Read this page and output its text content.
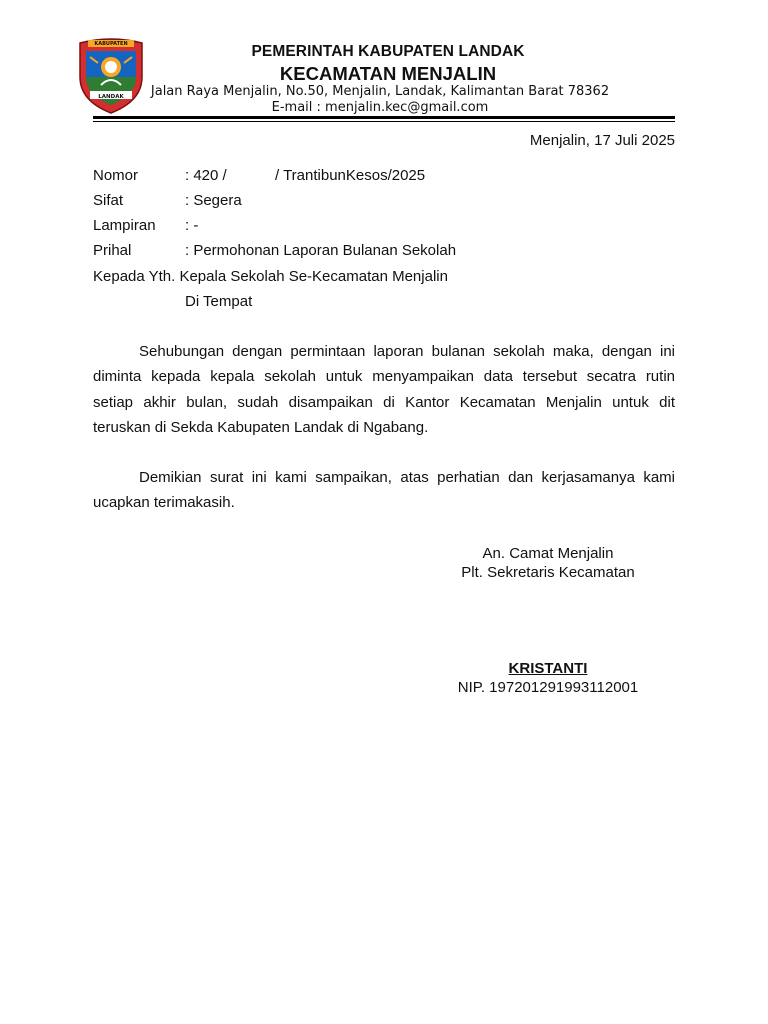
KABUPATEN
LANDAK
PEMERINTAH KABUPATEN LANDAK
KECAMATAN MENJALIN
Jalan Raya Menjalin, No.50, Menjalin, Landak, Kalimantan Barat 78362
E-mail : menjalin.kec@gmail.com
Menjalin, 17 Juli 2025
Nomor	: 420 /	/ TrantibunKesos/2025
Sifat	: Segera
Lampiran : -
Prihal	: Permohonan Laporan Bulanan Sekolah
Kepada Yth. Kepala Sekolah Se-Kecamatan Menjalin
Di Tempat
Sehubungan dengan permintaan laporan bulanan sekolah maka, dengan ini
diminta kepada kepala sekolah untuk menyampaikan data tersebut secatra rutin
setiap akhir bulan, sudah disampaikan di Kantor Kecamatan Menjalin untuk dit
teruskan di Sekda Kabupaten Landak di Ngabang.
Demikian surat ini kami sampaikan, atas perhatian dan kerjasamanya kami
ucapkan terimakasih.
An. Camat Menjalin
Plt. Sekretaris Kecamatan
KRISTANTI
NIP. 197201291993112001
